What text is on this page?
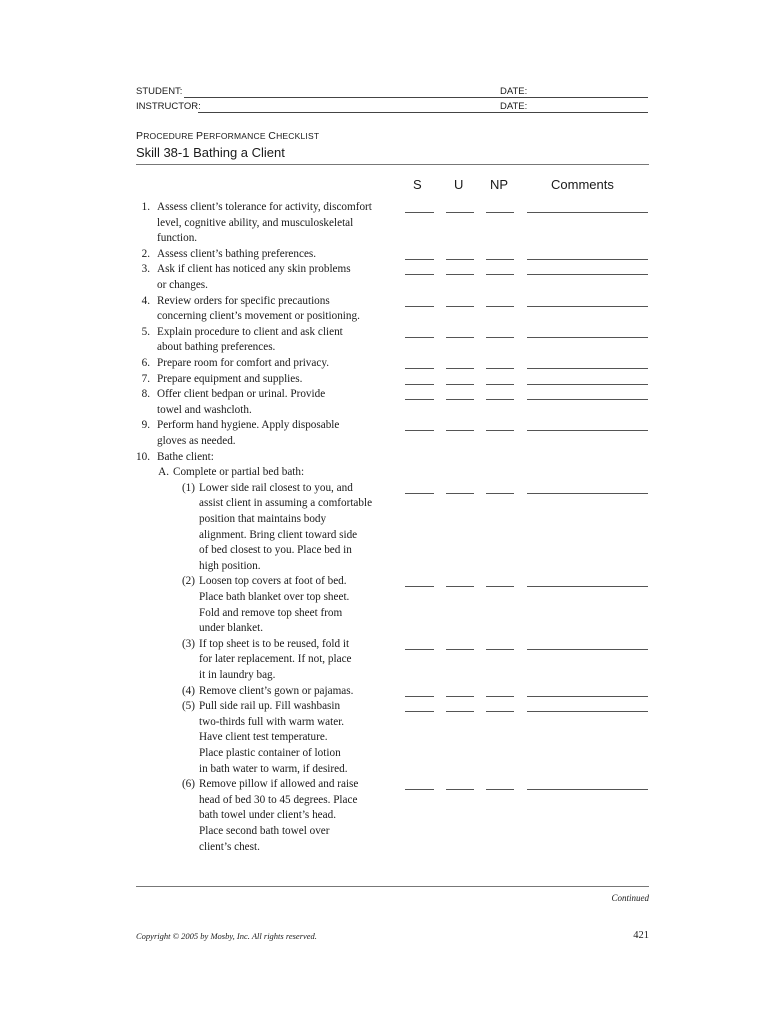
STUDENT:	DATE:
INSTRUCTOR:	DATE:
PROCEDURE PERFORMANCE CHECKLIST
Skill 38-1 Bathing a Client
S U NP	Comments
1. Assess client’s tolerance for activity, discomfort
level, cognitive ability, and musculoskeletal
function.
2. Assess client’s bathing preferences.
3. Ask if client has noticed any skin problems
or changes.
4. Review orders for specific precautions
concerning client’s movement or positioning.
5. Explain procedure to client and ask client
about bathing preferences.
6. Prepare room for comfort and privacy.
7. Prepare equipment and supplies.
8. Offer client bedpan or urinal. Provide
towel and washcloth.
9. Perform hand hygiene. Apply disposable
gloves as needed.
10. Bathe client:
A. Complete or partial bed bath:
(1) Lower side rail closest to you, and
assist client in assuming a comfortable
position that maintains body
alignment. Bring client toward side
of bed closest to you. Place bed in
high position.
(2) Loosen top covers at foot of bed.
Place bath blanket over top sheet.
Fold and remove top sheet from
under blanket.
(3) If top sheet is to be reused, fold it
for later replacement. If not, place
it in laundry bag.
(4) Remove client’s gown or pajamas.
(5) Pull side rail up. Fill washbasin
two-thirds full with warm water.
Have client test temperature.
Place plastic container of lotion
in bath water to warm, if desired.
(6) Remove pillow if allowed and raise
head of bed 30 to 45 degrees. Place
bath towel under client’s head.
Place second bath towel over
client’s chest.
Continued
Copyright © 2005 by Mosby, Inc. All rights reserved.	421
